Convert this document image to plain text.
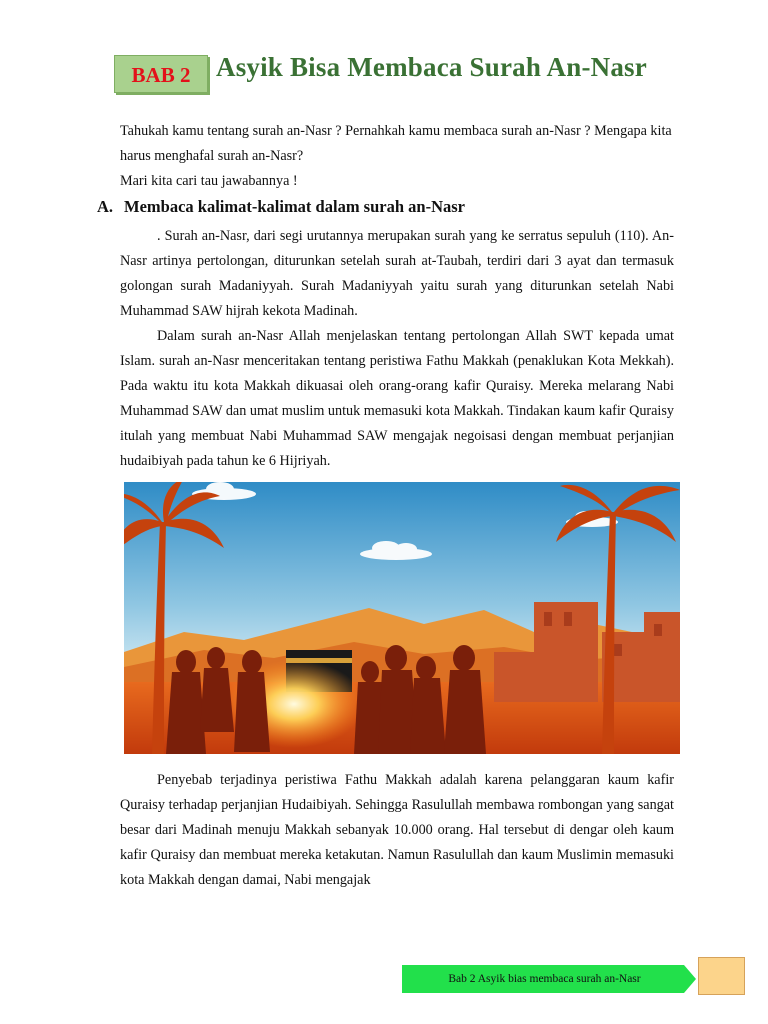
BAB 2 Asyik Bisa Membaca Surah An-Nasr

Tahukah kamu tentang surah an-Nasr ? Pernahkah kamu membaca surah an-Nasr ? Mengapa kita harus menghafal surah an-Nasr?
Mari kita cari tau jawabannya !

A. Membaca kalimat-kalimat dalam surah an-Nasr

. Surah an-Nasr, dari segi urutannya merupakan surah yang ke serratus sepuluh (110). An-Nasr artinya pertolongan, diturunkan setelah surah at-Taubah, terdiri dari 3 ayat dan termasuk golongan surah Madaniyyah. Surah Madaniyyah yaitu surah yang diturunkan setelah Nabi Muhammad SAW hijrah kekota Madinah.

Dalam surah an-Nasr Allah menjelaskan tentang pertolongan Allah SWT kepada umat Islam. surah an-Nasr menceritakan tentang peristiwa Fathu Makkah (penaklukan Kota Mekkah). Pada waktu itu kota Makkah dikuasai oleh orang-orang kafir Quraisy. Mereka melarang Nabi Muhammad SAW dan umat muslim untuk memasuki kota Makkah. Tindakan kaum kafir Quraisy itulah yang membuat Nabi Muhammad SAW mengajak negoisasi dengan membuat perjanjian hudaibiyah pada tahun ke 6 Hijriyah.

Penyebab terjadinya peristiwa Fathu Makkah adalah karena pelanggaran kaum kafir Quraisy terhadap perjanjian Hudaibiyah. Sehingga Rasulullah membawa rombongan yang sangat besar dari Madinah menuju Makkah sebanyak 10.000 orang. Hal tersebut di dengar oleh kaum kafir Quraisy dan membuat mereka ketakutan. Namun Rasulullah dan kaum Muslimin memasuki kota Makkah dengan damai, Nabi mengajak

Bab 2 Asyik bias membaca surah an-Nasr
